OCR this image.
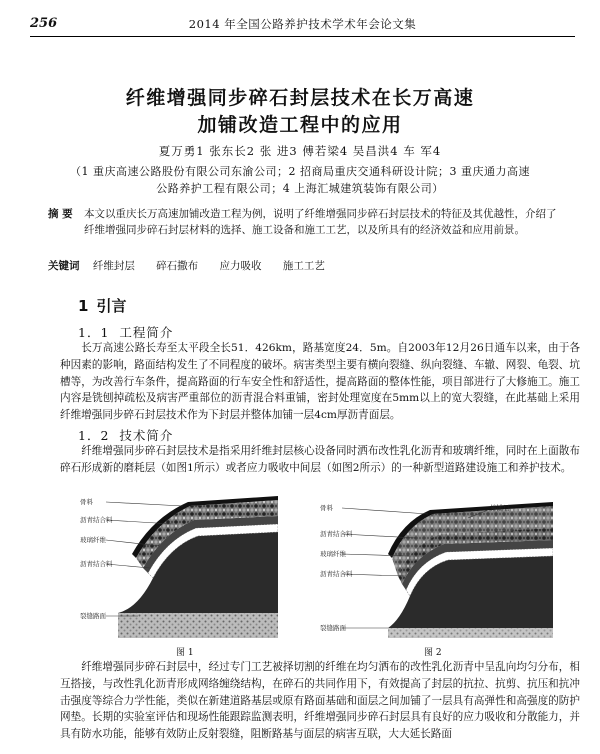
256	2014 年全国公路养护技术学术年会论文集
纤维增强同步碎石封层技术在长万高速
加铺改造工程中的应用
夏万勇1 张东长2 张 进3 傅若梁4 吴昌洪4 车 军4
（1 重庆高速公路股份有限公司东渝公司；2 招商局重庆交通科研设计院；3 重庆通力高速
公路养护工程有限公司；4 上海汇城建筑装饰有限公司）
摘 要 本文以重庆长万高速加铺改造工程为例，说明了纤维增强同步碎石封层技术的特征及其优越性，介绍了纤维增强同步碎石封层材料的选择、施工设备和施工工艺，以及所具有的经济效益和应用前景。
关键词 纤维封层 碎石撒布 应力吸收 施工工艺
1 引言
1．1 工程简介

长万高速公路长寿至太平段全长51．426km，路基宽度24．5m。自2003年12月26日通车以来，由于各种因素的影响，路面结构发生了不同程度的破坏。病害类型主要有横向裂缝、纵向裂缝、车辙、网裂、龟裂、坑槽等，为改善行车条件，提高路面的行车安全性和舒适性，提高路面的整体性能，项目部进行了大修施工。施工内容是铣刨掉疏松及病害严重部位的沥青混合料重铺，密封处理宽度在5mm以上的宽大裂缝，在此基础上采用纤维增强同步碎石封层技术作为下封层并整体加铺一层4cm厚沥青面层。

1．2 技术简介

纤维增强同步碎石封层技术是指采用纤维封层核心设备同时洒布改性乳化沥青和玻璃纤维，同时在上面散布碎石形成新的磨耗层（如图1所示）或者应力吸收中间层（如图2所示）的一种新型道路建设施工和养护技术。

骨料
沥青结合料
玻璃纤维
沥青结合料
裂缝路面
图 1
骨料
沥青结合料
玻璃纤维
沥青结合料
裂缝路面
摊铺层
图 2

纤维增强同步碎石封层中，经过专门工艺被择切割的纤维在均匀洒布的改性乳化沥青中呈乱向均匀分布，相互搭接，与改性乳化沥青形成网络缠绕结构，在碎石的共同作用下，有效提高了封层的抗拉、抗剪、抗压和抗冲击强度等综合力学性能，类似在新建道路基层或原有路面基础和面层之间加铺了一层具有高弹性和高强度的防护网垫。长期的实验室评估和现场性能跟踪监测表明，纤维增强同步碎石封层具有良好的应力吸收和分散能力，并具有防水功能，能够有效防止反射裂缝，阻断路基与面层的病害互联，大大延长路面
